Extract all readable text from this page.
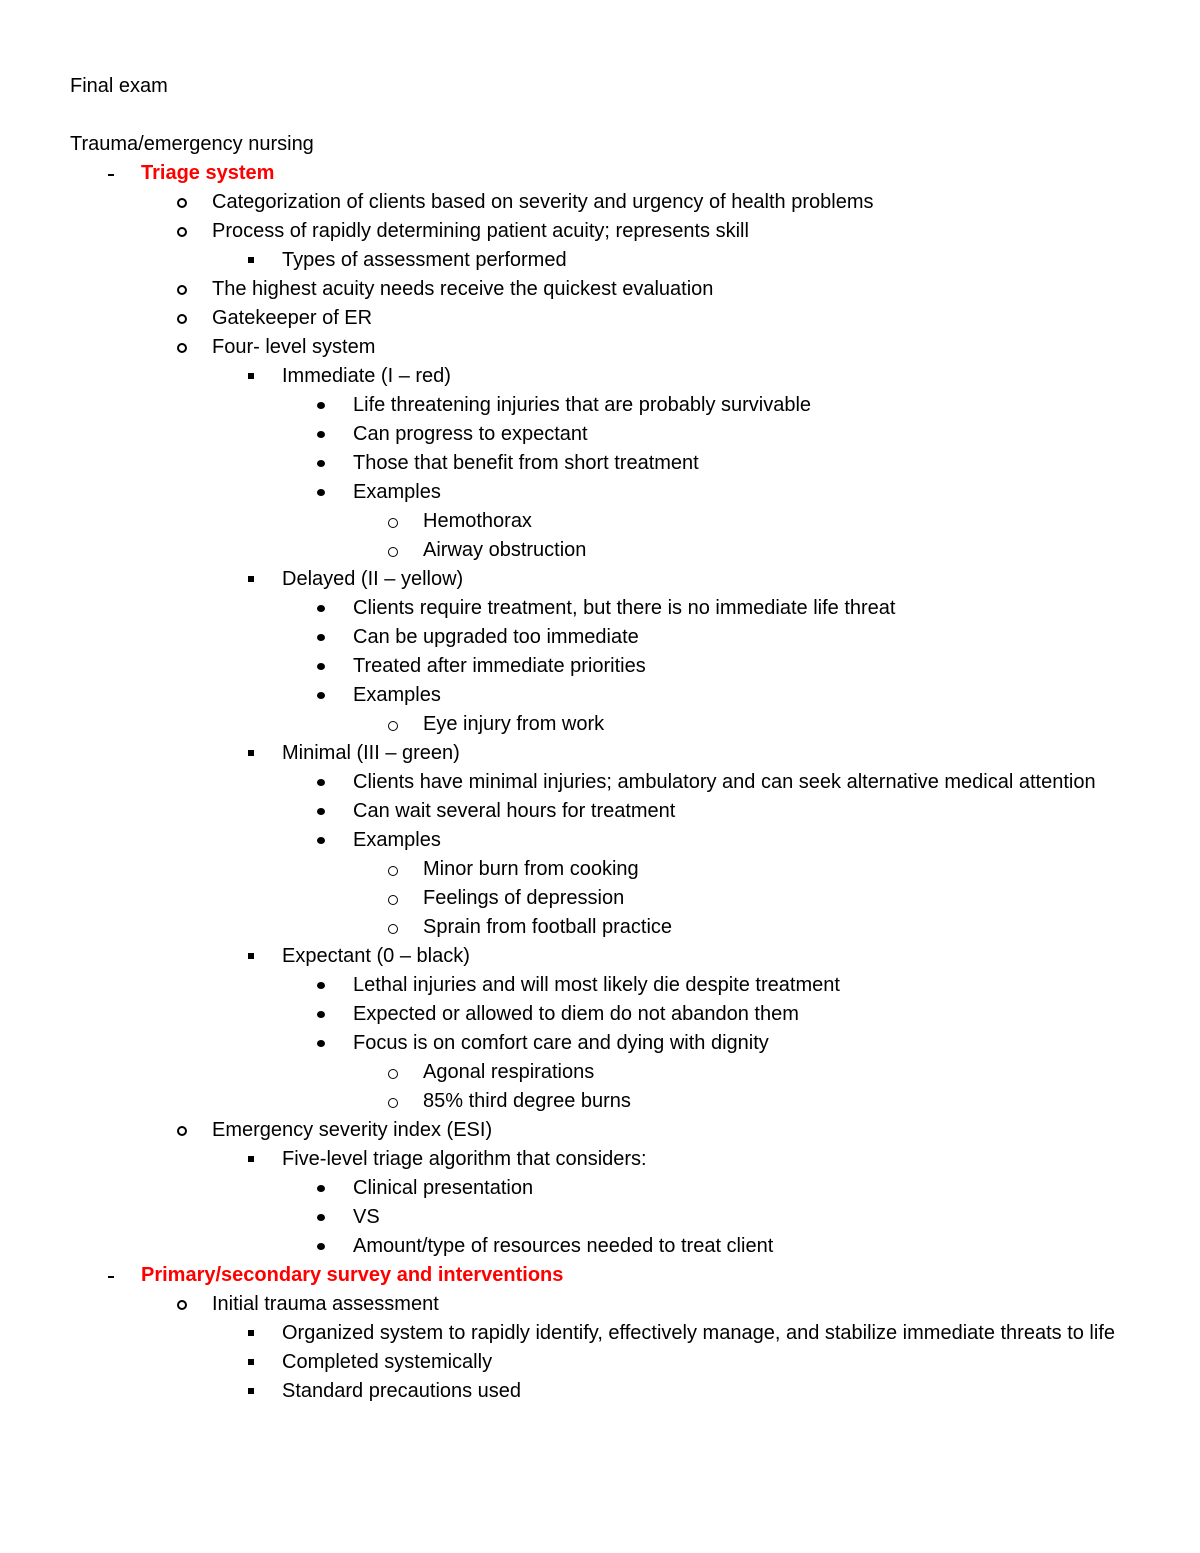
Final exam
Trauma/emergency nursing
Triage system
Categorization of clients based on severity and urgency of health problems
Process of rapidly determining patient acuity; represents skill
Types of assessment performed
The highest acuity needs receive the quickest evaluation
Gatekeeper of ER
Four- level system
Immediate (I – red)
Life threatening injuries that are probably survivable
Can progress to expectant
Those that benefit from short treatment
Examples
Hemothorax
Airway obstruction
Delayed (II – yellow)
Clients require treatment, but there is no immediate life threat
Can be upgraded too immediate
Treated after immediate priorities
Examples
Eye injury from work
Minimal (III – green)
Clients have minimal injuries; ambulatory and can seek alternative medical attention
Can wait several hours for treatment
Examples
Minor burn from cooking
Feelings of depression
Sprain from football practice
Expectant (0 – black)
Lethal injuries and will most likely die despite treatment
Expected or allowed to diem do not abandon them
Focus is on comfort care and dying with dignity
Agonal respirations
85% third degree burns
Emergency severity index (ESI)
Five-level triage algorithm that considers:
Clinical presentation
VS
Amount/type of resources needed to treat client
Primary/secondary survey and interventions
Initial trauma assessment
Organized system to rapidly identify, effectively manage, and stabilize immediate threats to life
Completed systemically
Standard precautions used
